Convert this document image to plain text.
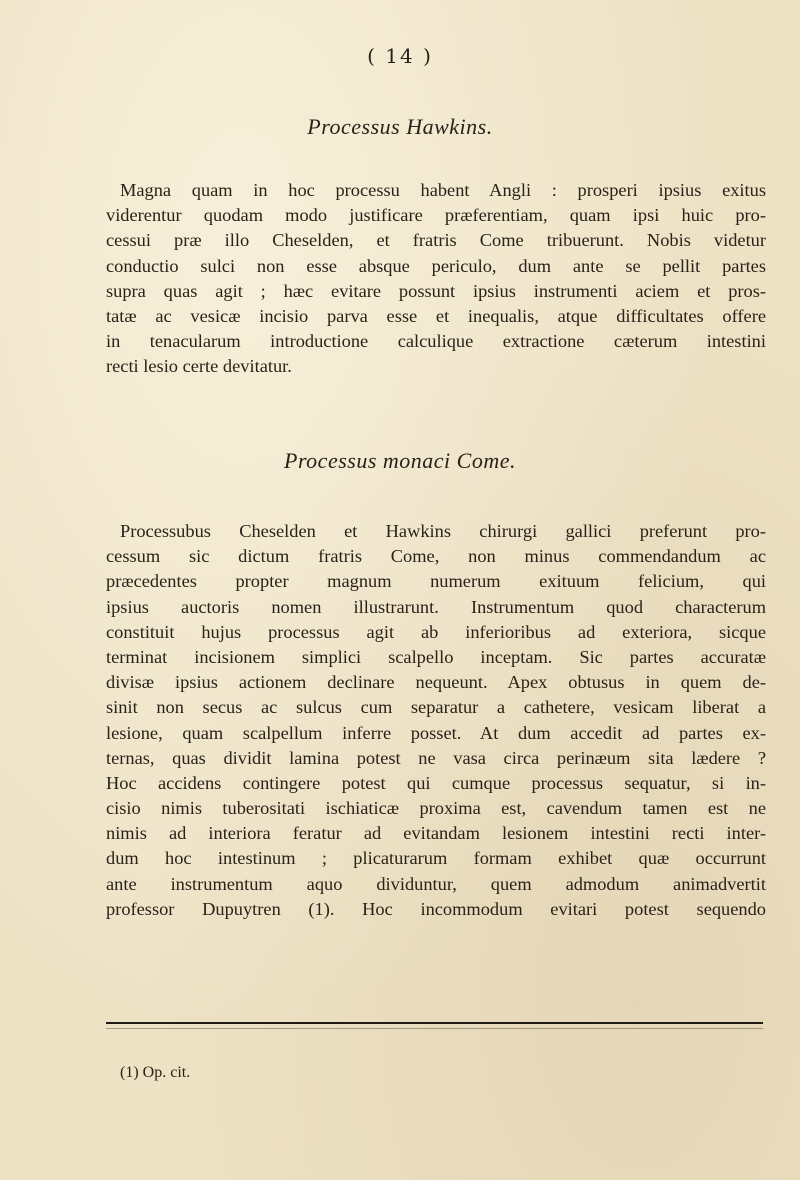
( 14 )
Processus Hawkins.

Magna quam in hoc processu habent Angli : prosperi ipsius exitus
viderentur quodam modo justificare præferentiam, quam ipsi huic pro-
cessui præ illo Cheselden, et fratris Come tribuerunt. Nobis videtur
conductio sulci non esse absque periculo, dum ante se pellit partes
supra quas agit ; hæc evitare possunt ipsius instrumenti aciem et pros-
tatæ ac vesicæ incisio parva esse et inequalis, atque difficultates offere
in tenacularum introductione calculique extractione cæterum intestini
recti lesio certe devitatur.

Processus monaci Come.

Processubus Cheselden et Hawkins chirurgi gallici preferunt pro-
cessum sic dictum fratris Come, non minus commendandum ac
præcedentes propter magnum numerum exituum felicium, qui
ipsius auctoris nomen illustrarunt. Instrumentum quod characterum
constituit hujus processus agit ab inferioribus ad exteriora, sicque
terminat incisionem simplici scalpello inceptam. Sic partes accuratæ
divisæ ipsius actionem declinare nequeunt. Apex obtusus in quem de-
sinit non secus ac sulcus cum separatur a cathetere, vesicam liberat a
lesione, quam scalpellum inferre posset. At dum accedit ad partes ex-
ternas, quas dividit lamina potest ne vasa circa perinæum sita lædere ?
Hoc accidens contingere potest qui cumque processus sequatur, si in-
cisio nimis tuberositati ischiaticæ proxima est, cavendum tamen est ne
nimis ad interiora feratur ad evitandam lesionem intestini recti inter-
dum hoc intestinum ; plicaturarum formam exhibet quæ occurrunt
ante instrumentum aquo dividuntur, quem admodum animadvertit
professor Dupuytren (1). Hoc incommodum evitari potest sequendo

(1) Op. cit.
